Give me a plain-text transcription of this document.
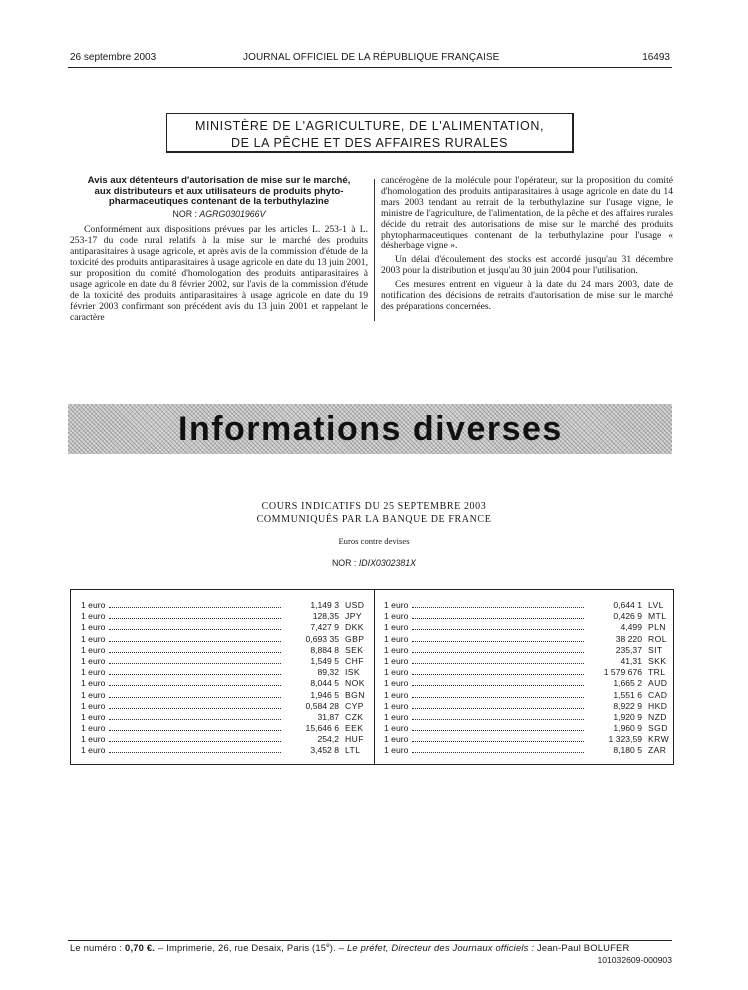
26 septembre 2003	JOURNAL OFFICIEL DE LA RÉPUBLIQUE FRANÇAISE	16493
MINISTÈRE DE L'AGRICULTURE, DE L'ALIMENTATION,
DE LA PÊCHE ET DES AFFAIRES RURALES
Avis aux détenteurs d'autorisation de mise sur le marché,
aux distributeurs et aux utilisateurs de produits phyto-
pharmaceutiques contenant de la terbuthylazine
NOR : AGRG0301966V

Conformément aux dispositions prévues par les articles L. 253-1 à L. 253-17 du code rural relatifs à la mise sur le marché des produits antiparasitaires à usage agricole, et après avis de la commission d'étude de la toxicité des produits antiparasitaires à usage agricole en date du 13 juin 2001, sur proposition du comité d'homologation des produits antiparasitaires à usage agricole en date du 8 février 2002, sur l'avis de la commission d'étude de la toxicité des produits antiparasitaires à usage agricole en date du 19 février 2003 confirmant son précédent avis du 13 juin 2001 et rappelant le caractère

cancérogène de la molécule pour l'opérateur, sur la proposition du comité d'homologation des produits antiparasitaires à usage agricole en date du 14 mars 2003 tendant au retrait de la terbuthylazine sur l'usage vigne, le ministre de l'agriculture, de l'alimentation, de la pêche et des affaires rurales décide du retrait des autorisations de mise sur le marché des produits phytopharmaceutiques contenant de la terbuthylazine pour l'usage « désherbage vigne ».

Un délai d'écoulement des stocks est accordé jusqu'au 31 décembre 2003 pour la distribution et jusqu'au 30 juin 2004 pour l'utilisation.

Ces mesures entrent en vigueur à la date du 24 mars 2003, date de notification des décisions de retraits d'autorisation de mise sur le marché des préparations concernées.

Informations diverses
COURS INDICATIFS DU 25 SEPTEMBRE 2003
COMMUNIQUÉS PAR LA BANQUE DE FRANCE
Euros contre devises
NOR : IDIX0302381X
1 euro	1,149 3 USD
1 euro	128,35 JPY
1 euro	7,427 9 DKK
1 euro	0,693 35 GBP
1 euro	8,884 8 SEK
1 euro	1,549 5 CHF
1 euro	89,32 ISK
1 euro	8,044 5 NOK
1 euro	1,946 5 BGN
1 euro	0,584 28 CYP
1 euro	31,87 CZK
1 euro	15,646 6 EEK
1 euro	254,2 HUF
1 euro	3,452 8 LTL
1 euro	0,644 1 LVL
1 euro	0,426 9 MTL
1 euro	4,499 PLN
1 euro	38 220 ROL
1 euro	235,37 SIT
1 euro	41,31 SKK
1 euro	1 579 676 TRL
1 euro	1,665 2 AUD
1 euro	1,551 6 CAD
1 euro	8,922 9 HKD
1 euro	1,920 9 NZD
1 euro	1,960 9 SGD
1 euro	1 323,59 KRW
1 euro	8,180 5 ZAR
Le numéro : 0,70 €. – Imprimerie, 26, rue Desaix, Paris (15e). – Le préfet, Directeur des Journaux officiels : Jean-Paul BOLUFER
101032609-000903
